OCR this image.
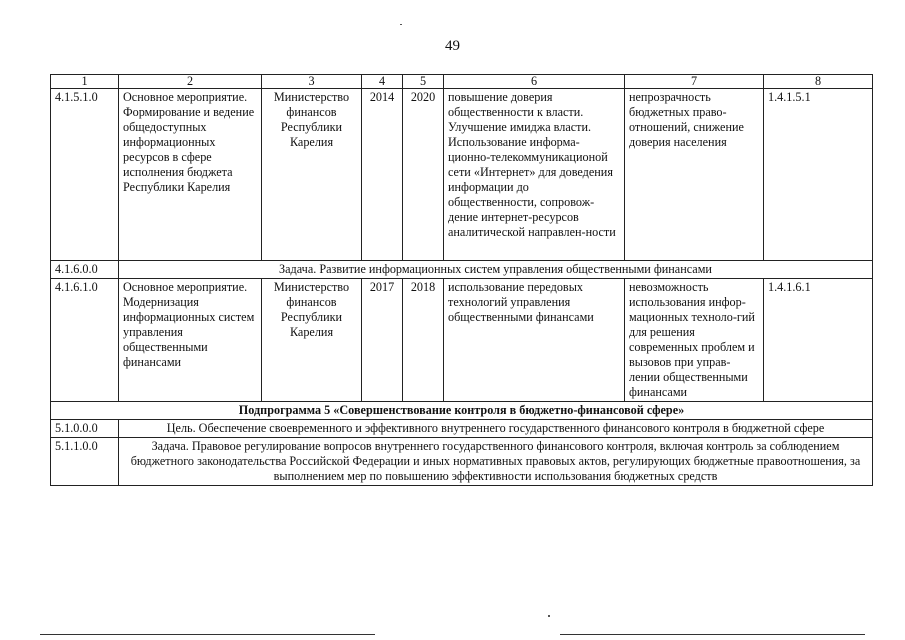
49
1	2	3	4	5	6	7	8
4.1.5.1.0	Основное мероприятие. Формирование и ведение общедоступных информационных ресурсов в сфере исполнения бюджета Республики Карелия	Министерство финансов Республики Карелия	2014	2020	повышение доверия общественности к власти. Улучшение имиджа власти. Использование информа-ционно-телекоммуникационой сети «Интернет» для доведения информации до общественности, сопровож-дение интернет-ресурсов аналитической направлен-ности	непрозрачность бюджетных право-отношений, снижение доверия населения	1.4.1.5.1
4.1.6.0.0	Задача. Развитие информационных систем управления общественными финансами						
4.1.6.1.0	Основное мероприятие. Модернизация информационных систем управления общественными финансами	Министерство финансов Республики Карелия	2017	2018	использование передовых технологий управления общественными финансами	невозможность использования инфор-мационных техноло-гий для решения современных проблем и вызовов при управ-лении общественными финансами	1.4.1.6.1
Подпрограмма 5 «Совершенствование контроля в бюджетно-финансовой сфере»							
5.1.0.0.0	Цель. Обеспечение своевременного и эффективного внутреннего государственного финансового контроля в бюджетной сфере						
5.1.1.0.0	Задача. Правовое регулирование вопросов внутреннего государственного финансового контроля, включая контроль за соблюдением бюджетного законодательства Российской Федерации и иных нормативных правовых актов, регулирующих бюджетные правоотношения, за выполнением мер по повышению эффективности использования бюджетных средств						
